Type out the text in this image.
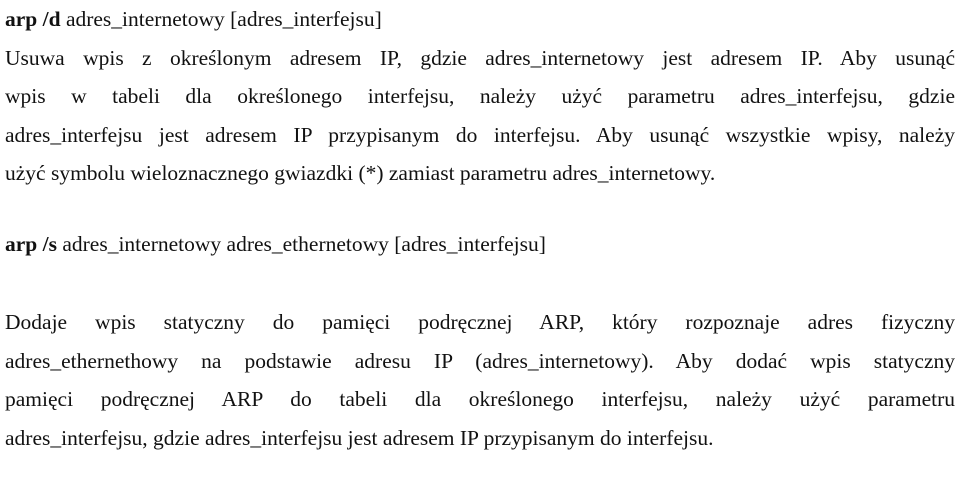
arp /d adres_internetowy [adres_interfejsu]

Usuwa wpis z określonym adresem IP, gdzie adres_internetowy jest adresem IP. Aby usunąć
wpis w tabeli dla określonego interfejsu, należy użyć parametru adres_interfejsu, gdzie
adres_interfejsu jest adresem IP przypisanym do interfejsu. Aby usunąć wszystkie wpisy, należy
użyć symbolu wieloznacznego gwiazdki (*) zamiast parametru adres_internetowy.

arp /s adres_internetowy adres_ethernetowy [adres_interfejsu]

Dodaje wpis statyczny do pamięci podręcznej ARP, który rozpoznaje adres fizyczny
adres_ethernethowy na podstawie adresu IP (adres_internetowy). Aby dodać wpis statyczny
pamięci podręcznej ARP do tabeli dla określonego interfejsu, należy użyć parametru
adres_interfejsu, gdzie adres_interfejsu jest adresem IP przypisanym do interfejsu.
